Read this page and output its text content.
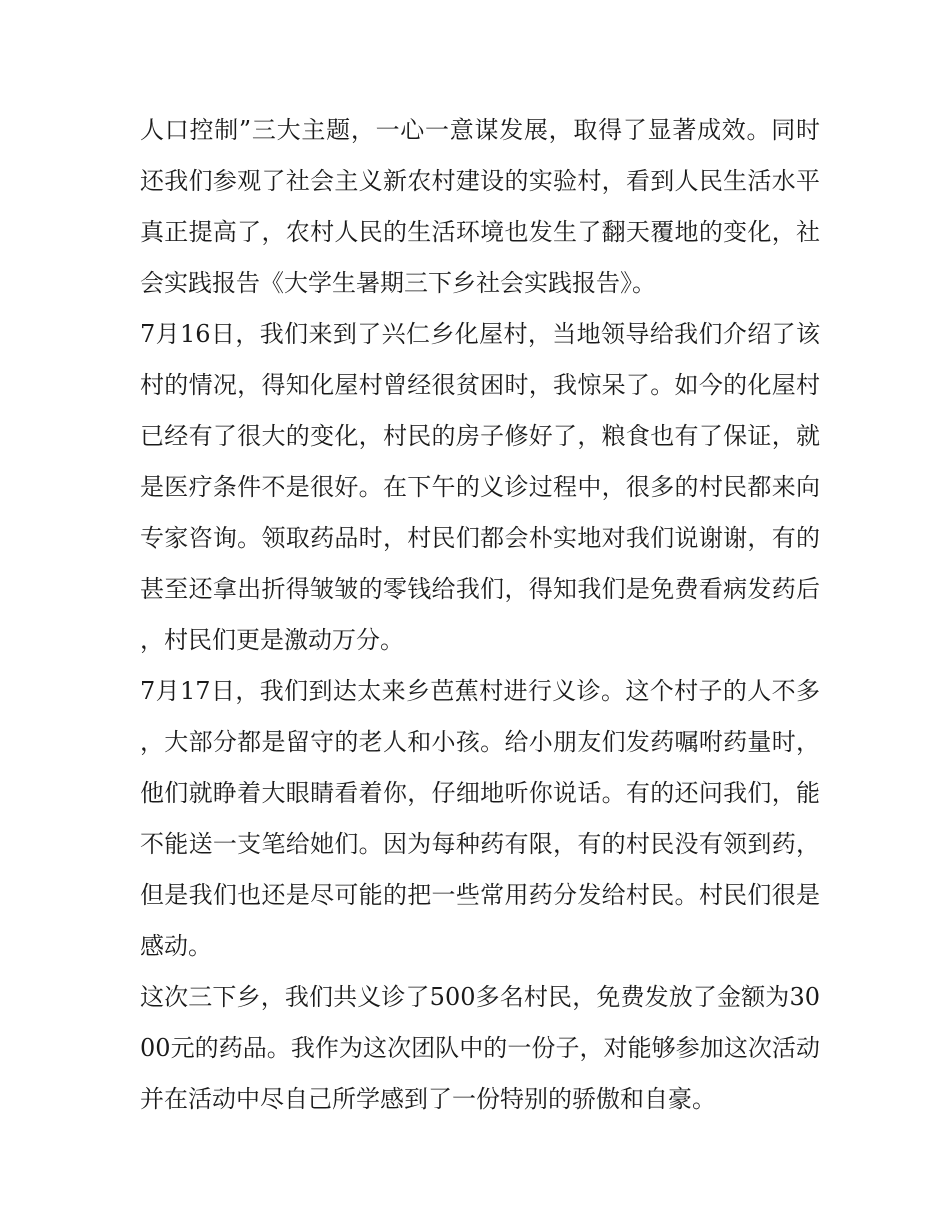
人口控制”三大主题，一心一意谋发展，取得了显著成效。同时还我们参观了社会主义新农村建设的实验村，看到人民生活水平真正提高了，农村人民的生活环境也发生了翻天覆地的变化，社会实践报告《大学生暑期三下乡社会实践报告》。

7月16日，我们来到了兴仁乡化屋村，当地领导给我们介绍了该村的情况，得知化屋村曾经很贫困时，我惊呆了。如今的化屋村已经有了很大的变化，村民的房子修好了，粮食也有了保证，就是医疗条件不是很好。在下午的义诊过程中，很多的村民都来向专家咨询。领取药品时，村民们都会朴实地对我们说谢谢，有的甚至还拿出折得皱皱的零钱给我们，得知我们是免费看病发药后，村民们更是激动万分。

7月17日，我们到达太来乡芭蕉村进行义诊。这个村子的人不多，大部分都是留守的老人和小孩。给小朋友们发药嘱咐药量时，他们就睁着大眼睛看着你，仔细地听你说话。有的还问我们，能不能送一支笔给她们。因为每种药有限，有的村民没有领到药，但是我们也还是尽可能的把一些常用药分发给村民。村民们很是感动。

这次三下乡，我们共义诊了500多名村民，免费发放了金额为3000元的药品。我作为这次团队中的一份子，对能够参加这次活动并在活动中尽自己所学感到了一份特别的骄傲和自豪。
